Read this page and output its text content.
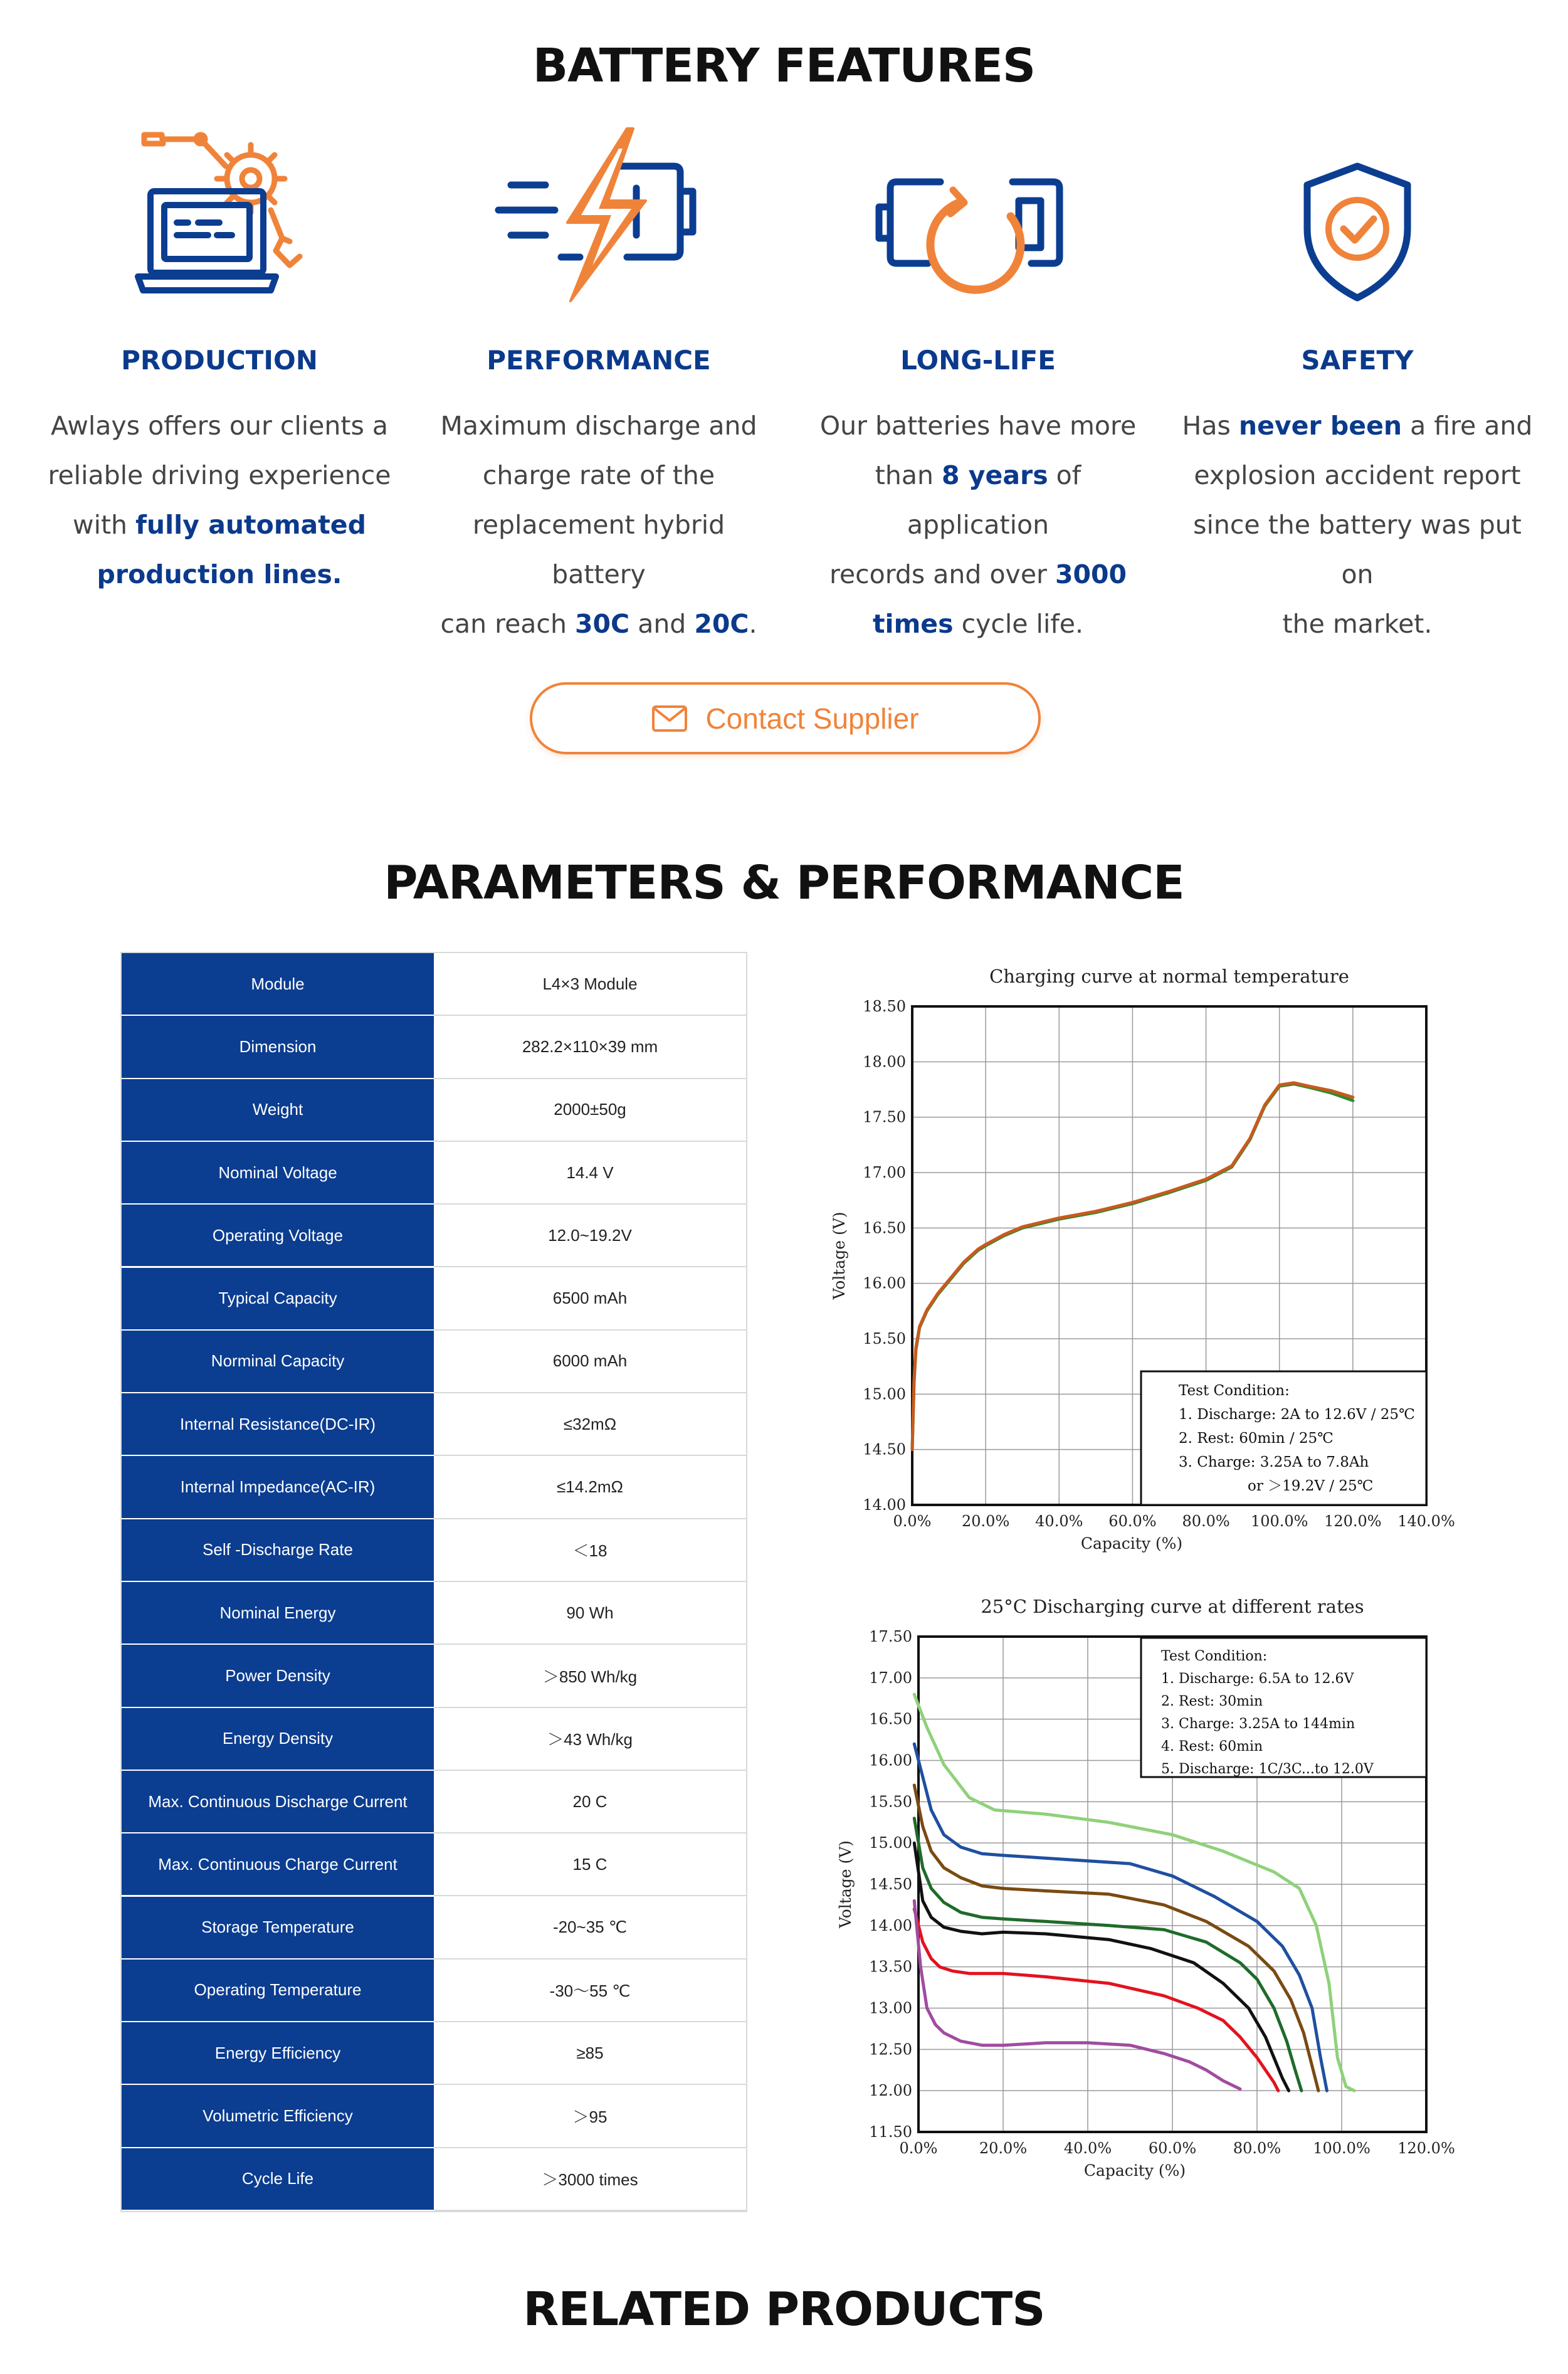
BATTERY FEATURES
PRODUCTION
Awlays offers our clients a
reliable driving experience
with fully automated
production lines.
PERFORMANCE
Maximum discharge and
charge rate of the
replacement hybrid battery
can reach 30C and 20C.
LONG-LIFE
Our batteries have more
than 8 years of application
records and over 3000
times cycle life.
SAFETY
Has never been a fire and
explosion accident report
since the battery was put on
the market.
Contact Supplier
PARAMETERS & PERFORMANCE
Module	L4×3 Module
Dimension	282.2×110×39 mm
Weight	2000±50g
Nominal Voltage	14.4 V
Operating Voltage	12.0~19.2V
Typical Capacity	6500 mAh
Norminal Capacity	6000 mAh
Internal Resistance(DC-IR)	≤32mΩ
Internal Impedance(AC-IR)	≤14.2mΩ
Self -Discharge Rate	＜18
Nominal Energy	90 Wh
Power Density	＞850 Wh/kg
Energy Density	＞43 Wh/kg
Max. Continuous Discharge Current	20 C
Max. Continuous Charge Current	15 C
Storage Temperature	-20~35 ℃
Operating Temperature	-30～55 ℃
Energy Efficiency	≥85
Volumetric Efficiency	＞95
Cycle Life	＞3000 times
Charging curve at normal temperature
0.0% 20.0% 40.0% 60.0% 80.0% 100.0% 120.0% 140.0%
14.00
14.50
15.00
15.50
16.00
16.50
17.00
17.50
18.00
18.50
Capacity (%)
Voltage (V)
Test Condition:
1. Discharge: 2A to 12.6V / 25℃
2. Rest: 60min / 25℃
3. Charge: 3.25A to 7.8Ah
or ＞19.2V / 25℃
25°C Discharging curve at different rates
0.0%	20.0% 40.0% 60.0% 80.0% 100.0% 120.0%
11.50
12.00
12.50
13.00
13.50
14.00
14.50
15.00
15.50
16.00
16.50
17.00
17.50
Capacity (%)
Voltage (V)
Test Condition:
1. Discharge: 6.5A to 12.6V
2. Rest: 30min
3. Charge: 3.25A to 144min
4. Rest: 60min
5. Discharge: 1C/3C...to 12.0V
RELATED PRODUCTS
